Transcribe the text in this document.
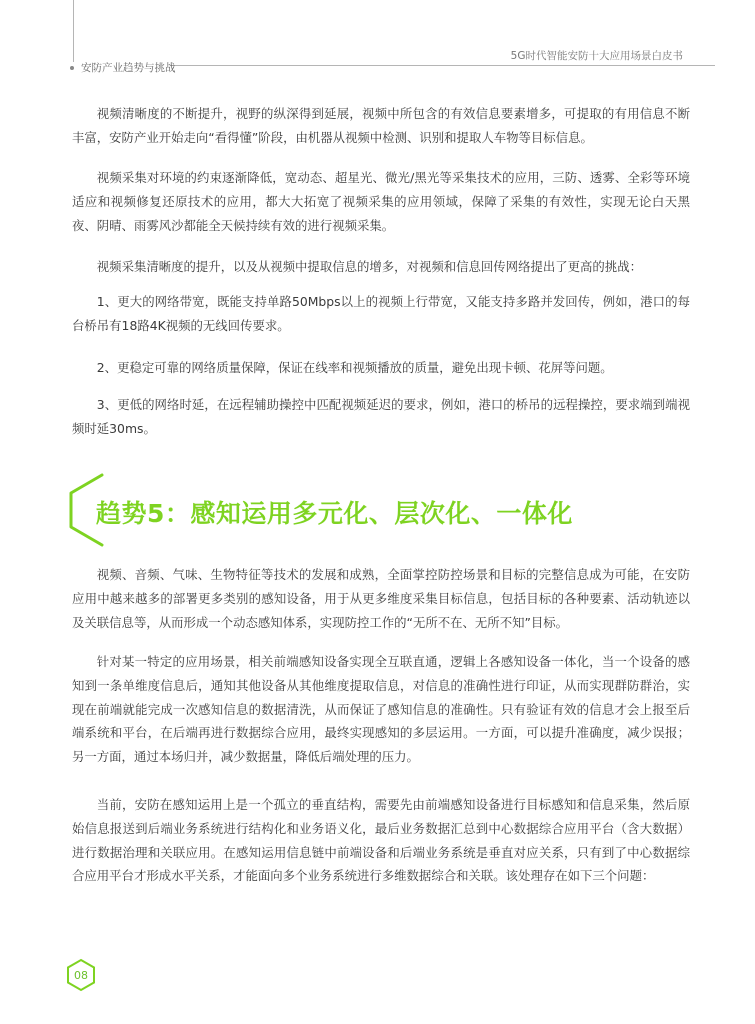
5G时代智能安防十大应用场景白皮书
安防产业趋势与挑战

视频清晰度的不断提升，视野的纵深得到延展，视频中所包含的有效信息要素增多，可提取的有用信息不断丰富，安防产业开始走向“看得懂”阶段，由机器从视频中检测、识别和提取人车物等目标信息。

视频采集对环境的约束逐渐降低，宽动态、超星光、微光/黑光等采集技术的应用，三防、透雾、全彩等环境适应和视频修复还原技术的应用，都大大拓宽了视频采集的应用领域，保障了采集的有效性，实现无论白天黑夜、阴晴、雨雾风沙都能全天候持续有效的进行视频采集。

视频采集清晰度的提升，以及从视频中提取信息的增多，对视频和信息回传网络提出了更高的挑战：

1、更大的网络带宽，既能支持单路50Mbps以上的视频上行带宽，又能支持多路并发回传，例如，港口的每台桥吊有18路4K视频的无线回传要求。

2、更稳定可靠的网络质量保障，保证在线率和视频播放的质量，避免出现卡顿、花屏等问题。

3、更低的网络时延，在远程辅助操控中匹配视频延迟的要求，例如，港口的桥吊的远程操控，要求端到端视频时延30ms。

趋势5：感知运用多元化、层次化、一体化

视频、音频、气味、生物特征等技术的发展和成熟，全面掌控防控场景和目标的完整信息成为可能，在安防应用中越来越多的部署更多类别的感知设备，用于从更多维度采集目标信息，包括目标的各种要素、活动轨迹以及关联信息等，从而形成一个动态感知体系，实现防控工作的“无所不在、无所不知”目标。

针对某一特定的应用场景，相关前端感知设备实现全互联直通，逻辑上各感知设备一体化，当一个设备的感知到一条单维度信息后，通知其他设备从其他维度提取信息，对信息的准确性进行印证，从而实现群防群治，实现在前端就能完成一次感知信息的数据清洗，从而保证了感知信息的准确性。只有验证有效的信息才会上报至后端系统和平台，在后端再进行数据综合应用，最终实现感知的多层运用。一方面，可以提升准确度，减少误报；另一方面，通过本场归并，减少数据量，降低后端处理的压力。

当前，安防在感知运用上是一个孤立的垂直结构，需要先由前端感知设备进行目标感知和信息采集，然后原始信息报送到后端业务系统进行结构化和业务语义化，最后业务数据汇总到中心数据综合应用平台（含大数据）进行数据治理和关联应用。在感知运用信息链中前端设备和后端业务系统是垂直对应关系，只有到了中心数据综合应用平台才形成水平关系，才能面向多个业务系统进行多维数据综合和关联。该处理存在如下三个问题：

08
